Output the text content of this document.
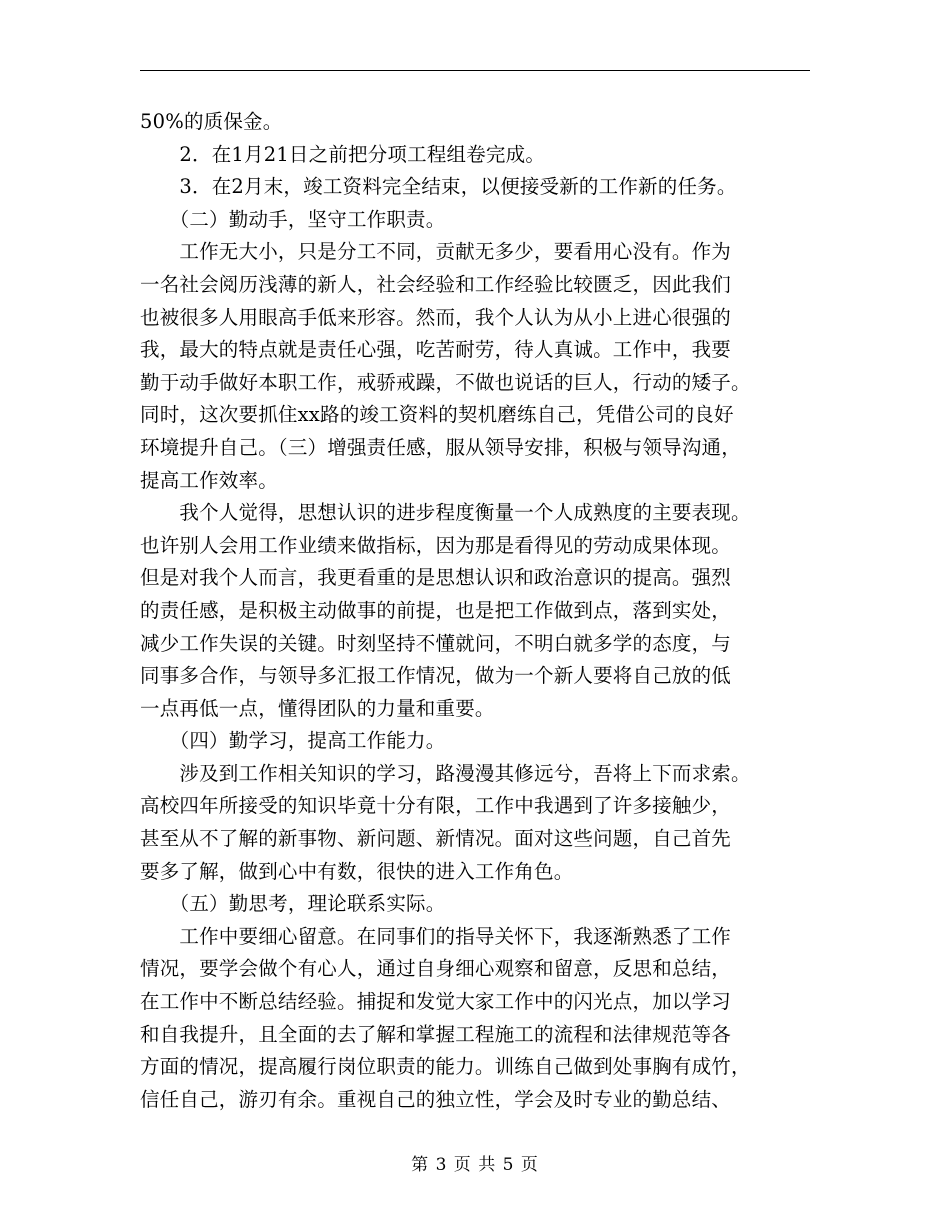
50%的质保金。
　　2．在1月21日之前把分项工程组卷完成。
　　3．在2月末，竣工资料完全结束，以便接受新的工作新的任务。
　　（二）勤动手，坚守工作职责。
　　工作无大小，只是分工不同，贡献无多少，要看用心没有。作为
一名社会阅历浅薄的新人，社会经验和工作经验比较匮乏，因此我们
也被很多人用眼高手低来形容。然而，我个人认为从小上进心很强的
我，最大的特点就是责任心强，吃苦耐劳，待人真诚。工作中，我要
勤于动手做好本职工作，戒骄戒躁，不做也说话的巨人，行动的矮子。
同时，这次要抓住xx路的竣工资料的契机磨练自己，凭借公司的良好
环境提升自己。（三）增强责任感，服从领导安排，积极与领导沟通，
提高工作效率。
　　我个人觉得，思想认识的进步程度衡量一个人成熟度的主要表现。
也许别人会用工作业绩来做指标，因为那是看得见的劳动成果体现。
但是对我个人而言，我更看重的是思想认识和政治意识的提高。强烈
的责任感，是积极主动做事的前提，也是把工作做到点，落到实处，
减少工作失误的关键。时刻坚持不懂就问，不明白就多学的态度，与
同事多合作，与领导多汇报工作情况，做为一个新人要将自己放的低
一点再低一点，懂得团队的力量和重要。
　　（四）勤学习，提高工作能力。
　　涉及到工作相关知识的学习，路漫漫其修远兮，吾将上下而求索。
高校四年所接受的知识毕竟十分有限，工作中我遇到了许多接触少，
甚至从不了解的新事物、新问题、新情况。面对这些问题，自己首先
要多了解，做到心中有数，很快的进入工作角色。
　　（五）勤思考，理论联系实际。
　　工作中要细心留意。在同事们的指导关怀下，我逐渐熟悉了工作
情况，要学会做个有心人，通过自身细心观察和留意，反思和总结，
在工作中不断总结经验。捕捉和发觉大家工作中的闪光点，加以学习
和自我提升，且全面的去了解和掌握工程施工的流程和法律规范等各
方面的情况，提高履行岗位职责的能力。训练自己做到处事胸有成竹，
信任自己，游刃有余。重视自己的独立性，学会及时专业的勤总结、
第 3 页 共 5 页
